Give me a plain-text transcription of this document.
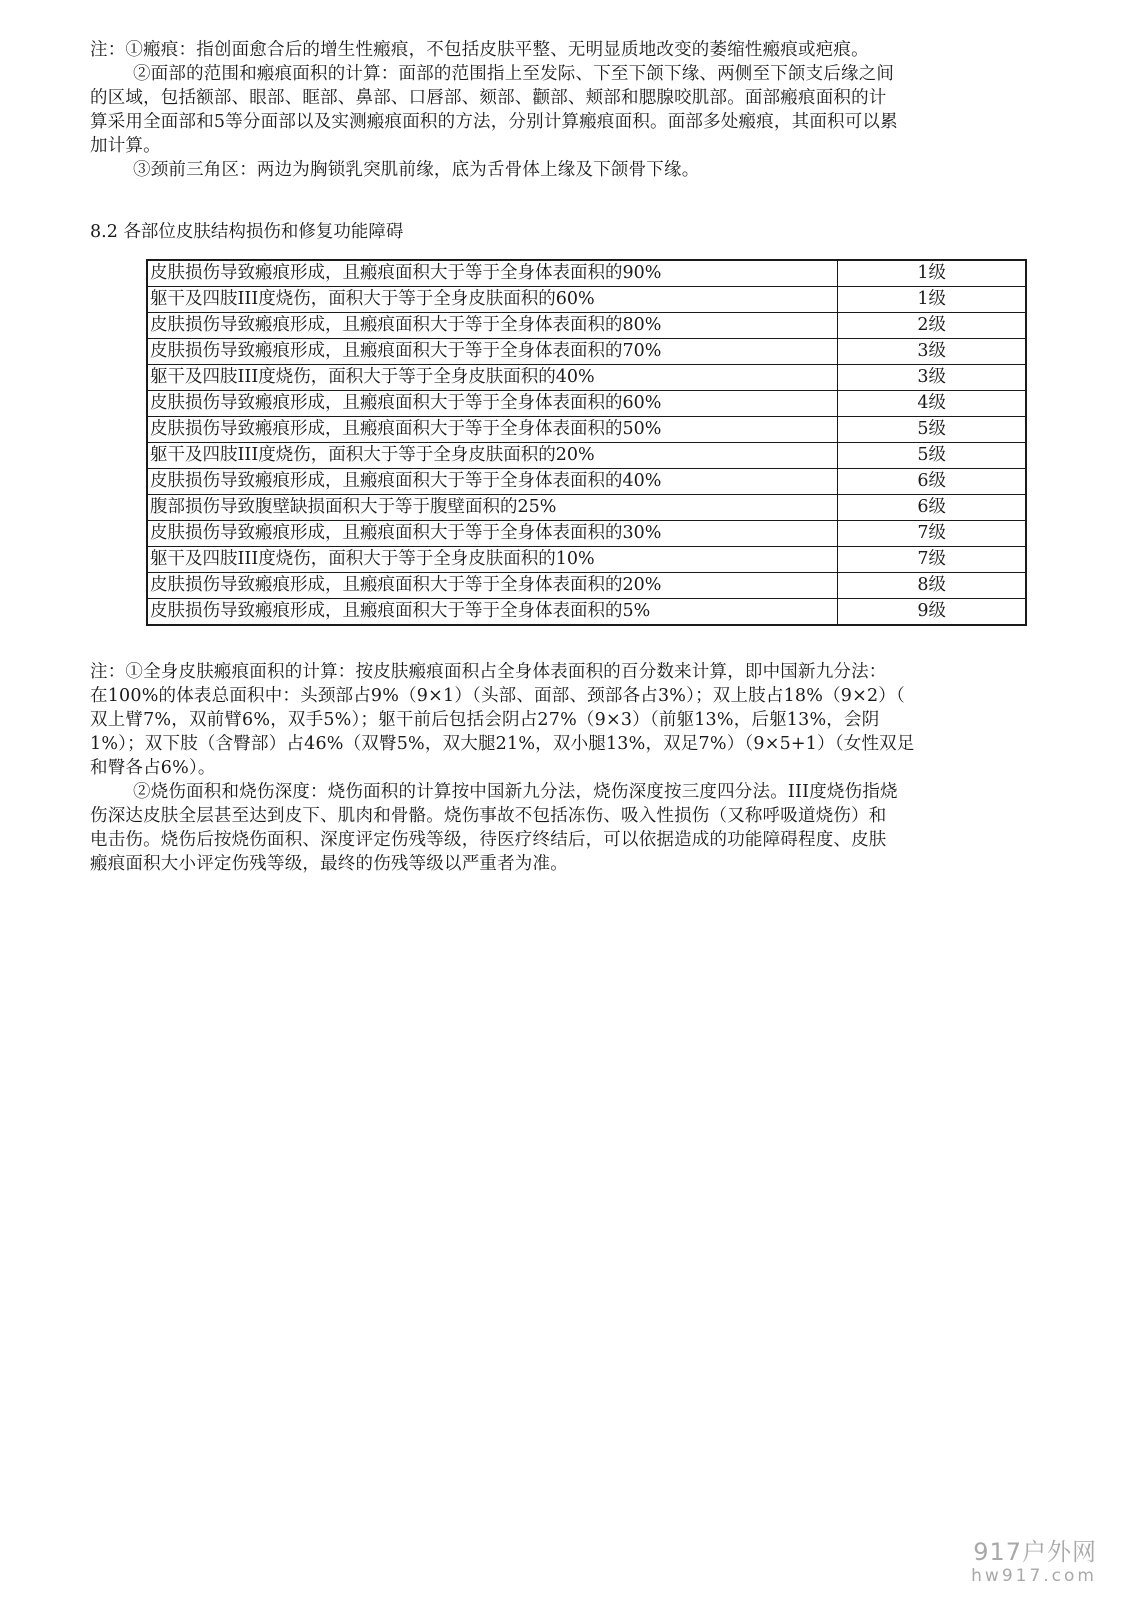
注：①瘢痕：指创面愈合后的增生性瘢痕，不包括皮肤平整、无明显质地改变的萎缩性瘢痕或疤痕。
②面部的范围和瘢痕面积的计算：面部的范围指上至发际、下至下颌下缘、两侧至下颌支后缘之间
的区域，包括额部、眼部、眶部、鼻部、口唇部、颏部、颧部、颊部和腮腺咬肌部。面部瘢痕面积的计
算采用全面部和5等分面部以及实测瘢痕面积的方法，分别计算瘢痕面积。面部多处瘢痕，其面积可以累
加计算。
③颈前三角区：两边为胸锁乳突肌前缘，底为舌骨体上缘及下颌骨下缘。
8.2 各部位皮肤结构损伤和修复功能障碍
皮肤损伤导致瘢痕形成，且瘢痕面积大于等于全身体表面积的90%	1级
躯干及四肢III度烧伤，面积大于等于全身皮肤面积的60%	1级
皮肤损伤导致瘢痕形成，且瘢痕面积大于等于全身体表面积的80%	2级
皮肤损伤导致瘢痕形成，且瘢痕面积大于等于全身体表面积的70%	3级
躯干及四肢III度烧伤，面积大于等于全身皮肤面积的40%	3级
皮肤损伤导致瘢痕形成，且瘢痕面积大于等于全身体表面积的60%	4级
皮肤损伤导致瘢痕形成，且瘢痕面积大于等于全身体表面积的50%	5级
躯干及四肢III度烧伤，面积大于等于全身皮肤面积的20%	5级
皮肤损伤导致瘢痕形成，且瘢痕面积大于等于全身体表面积的40%	6级
腹部损伤导致腹壁缺损面积大于等于腹壁面积的25%	6级
皮肤损伤导致瘢痕形成，且瘢痕面积大于等于全身体表面积的30%	7级
躯干及四肢III度烧伤，面积大于等于全身皮肤面积的10%	7级
皮肤损伤导致瘢痕形成，且瘢痕面积大于等于全身体表面积的20%	8级
皮肤损伤导致瘢痕形成，且瘢痕面积大于等于全身体表面积的5%	9级
注：①全身皮肤瘢痕面积的计算：按皮肤瘢痕面积占全身体表面积的百分数来计算，即中国新九分法：
在100%的体表总面积中：头颈部占9%（9×1）（头部、面部、颈部各占3%）；双上肢占18%（9×2）（
双上臂7%，双前臂6%，双手5%）；躯干前后包括会阴占27%（9×3）（前躯13%，后躯13%，会阴
1%）；双下肢（含臀部）占46%（双臀5%，双大腿21%，双小腿13%，双足7%）（9×5+1）（女性双足
和臀各占6%）。
②烧伤面积和烧伤深度：烧伤面积的计算按中国新九分法，烧伤深度按三度四分法。III度烧伤指烧
伤深达皮肤全层甚至达到皮下、肌肉和骨骼。烧伤事故不包括冻伤、吸入性损伤（又称呼吸道烧伤）和
电击伤。烧伤后按烧伤面积、深度评定伤残等级，待医疗终结后，可以依据造成的功能障碍程度、皮肤
瘢痕面积大小评定伤残等级，最终的伤残等级以严重者为准。
917户外网
hw917.com
